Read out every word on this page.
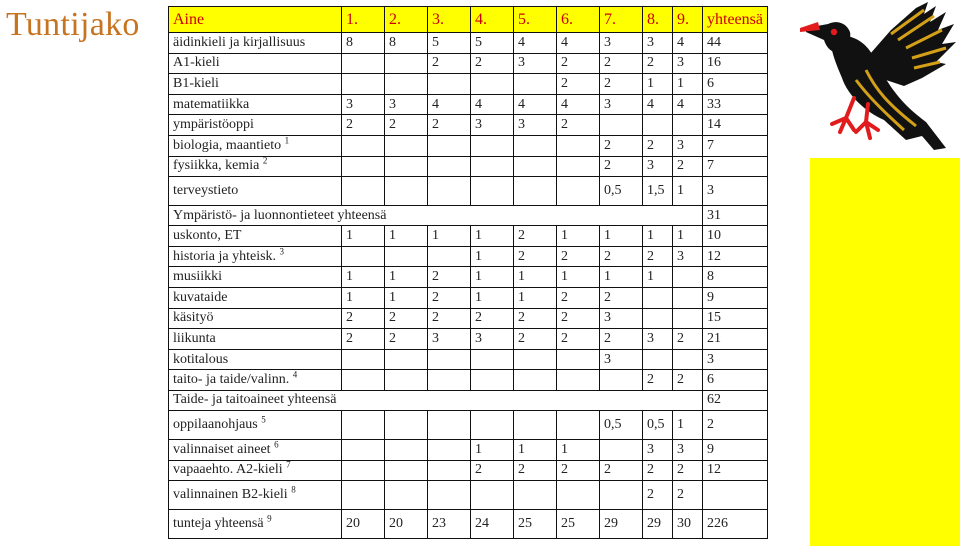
Tuntijako Aine	1.	2.	3.	4.	5.	6.	7.	8.	9.	yhteensä
äidinkieli ja kirjallisuus	8	8	5	5	4	4	3	3	4	44
A1-kieli			2	2	3	2	2	2	3	16
B1-kieli						2	2	1	1	6
matematiikka	3	3	4	4	4	4	3	4	4	33
ympäristöoppi	2	2	2	3	3	2				14
biologia, maantieto $^1$							2	2	3	7
fysiikka, kemia $^2$							2	3	2	7
terveystieto							0,5	1,5	1	3
Ympäristö- ja luonnontieteet yhteensä										31
uskonto, ET	1	1	1	1	2	1	1	1	1	10
historia ja yhteisk. $^3$				1	2	2	2	2	3	12
musiikki	1	1	2	1	1	1	1	1		8
kuvataide	1	1	2	1	1	2	2			9
käsityö	2	2	2	2	2	2	3			15
liikunta	2	2	3	3	2	2	2	3	2	21
kotitalous							3			3
taito- ja taide/valinn. $^4$								2	2	6
Taide- ja taitoaineet yhteensä										62
oppilaanohjaus $^5$							0,5	0,5	1	2
valinnaiset aineet $^6$				1	1	1		3	3	9
vapaaehto. A2-kieli $^7$				2	2	2	2	2	2	12
valinnainen B2-kieli $^8$								2	2	
tunteja yhteensä $^9$	20	20	23	24	25	25	29	29	30	226
